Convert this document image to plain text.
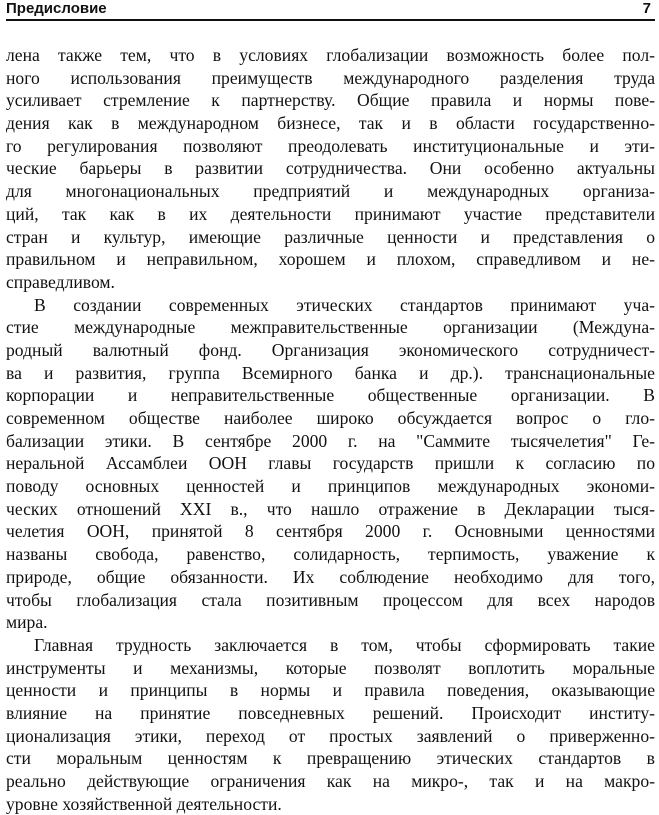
Предисловие	7
лена также тем, что в условиях глобализации возможность более пол-
ного использования преимуществ международного разделения труда
усиливает стремление к партнерству. Общие правила и нормы пове-
дения как в международном бизнесе, так и в области государственно-
го регулирования позволяют преодолевать институциональные и эти-
ческие барьеры в развитии сотрудничества. Они особенно актуальны
для многонациональных предприятий и международных организа-
ций, так как в их деятельности принимают участие представители
стран и культур, имеющие различные ценности и представления о
правильном и неправильном, хорошем и плохом, справедливом и не-
справедливом.
В создании современных этических стандартов принимают уча-
стие международные межправительственные организации (Междуна-
родный валютный фонд. Организация экономического сотрудничест-
ва и развития, группа Всемирного банка и др.). транснациональные
корпорации и неправительственные общественные организации. В
современном обществе наиболее широко обсуждается вопрос о гло-
бализации этики. В сентябре 2000 г. на "Саммите тысячелетия" Ге-
неральной Ассамблеи ООН главы государств пришли к согласию по
поводу основных ценностей и принципов международных экономи-
ческих отношений XXI в., что нашло отражение в Декларации тыся-
челетия ООН, принятой 8 сентября 2000 г. Основными ценностями
названы свобода, равенство, солидарность, терпимость, уважение к
природе, общие обязанности. Их соблюдение необходимо для того,
чтобы глобализация стала позитивным процессом для всех народов
мира.
Главная трудность заключается в том, чтобы сформировать такие
инструменты и механизмы, которые позволят воплотить моральные
ценности и принципы в нормы и правила поведения, оказывающие
влияние на принятие повседневных решений. Происходит институ-
ционализация этики, переход от простых заявлений о приверженно-
сти моральным ценностям к превращению этических стандартов в
реально действующие ограничения как на микро-, так и на макро-
уровне хозяйственной деятельности.
